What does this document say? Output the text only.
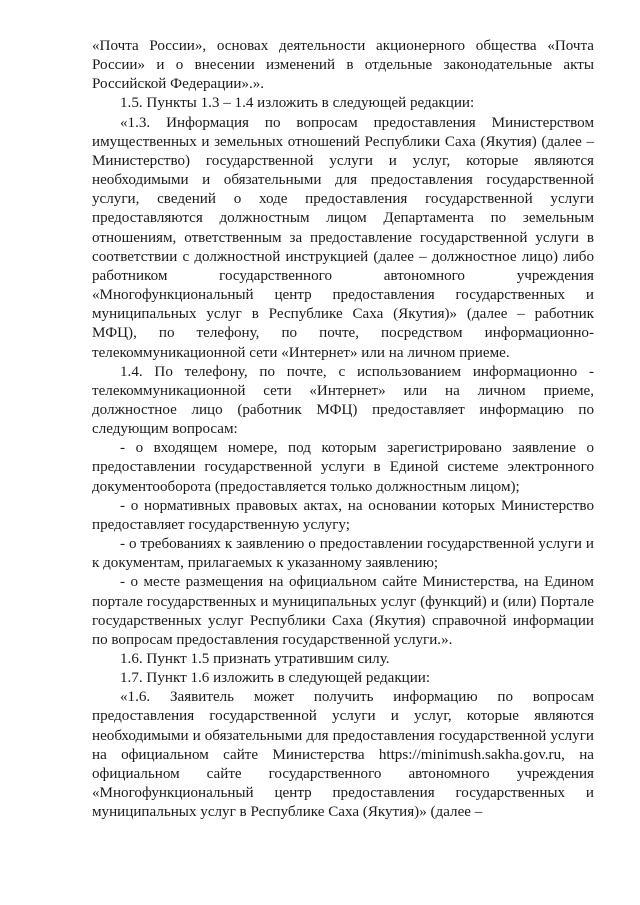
«Почта России», основах деятельности акционерного общества «Почта России» и о внесении изменений в отдельные законодательные акты Российской Федерации».».

1.5. Пункты 1.3 – 1.4 изложить в следующей редакции:

«1.3. Информация по вопросам предоставления Министерством имущественных и земельных отношений Республики Саха (Якутия) (далее – Министерство) государственной услуги и услуг, которые являются необходимыми и обязательными для предоставления государственной услуги, сведений о ходе предоставления государственной услуги предоставляются должностным лицом Департамента по земельным отношениям, ответственным за предоставление государственной услуги в соответствии с должностной инструкцией (далее – должностное лицо) либо работником государственного автономного учреждения «Многофункциональный центр предоставления государственных и муниципальных услуг в Республике Саха (Якутия)» (далее – работник МФЦ), по телефону, по почте, посредством информационно-телекоммуникационной сети «Интернет» или на личном приеме.

1.4. По телефону, по почте, с использованием информационно - телекоммуникационной сети «Интернет» или на личном приеме, должностное лицо (работник МФЦ) предоставляет информацию по следующим вопросам:

- о входящем номере, под которым зарегистрировано заявление о предоставлении государственной услуги в Единой системе электронного документооборота (предоставляется только должностным лицом);

- о нормативных правовых актах, на основании которых Министерство предоставляет государственную услугу;

- о требованиях к заявлению о предоставлении государственной услуги и к документам, прилагаемых к указанному заявлению;

- о месте размещения на официальном сайте Министерства, на Едином портале государственных и муниципальных услуг (функций) и (или) Портале государственных услуг Республики Саха (Якутия) справочной информации по вопросам предоставления государственной услуги.».

1.6. Пункт 1.5 признать утратившим силу.

1.7. Пункт 1.6 изложить в следующей редакции:

«1.6. Заявитель может получить информацию по вопросам предоставления государственной услуги и услуг, которые являются необходимыми и обязательными для предоставления государственной услуги на официальном сайте Министерства https://minimush.sakha.gov.ru, на официальном сайте государственного автономного учреждения «Многофункциональный центр предоставления государственных и муниципальных услуг в Республике Саха (Якутия)» (далее –
